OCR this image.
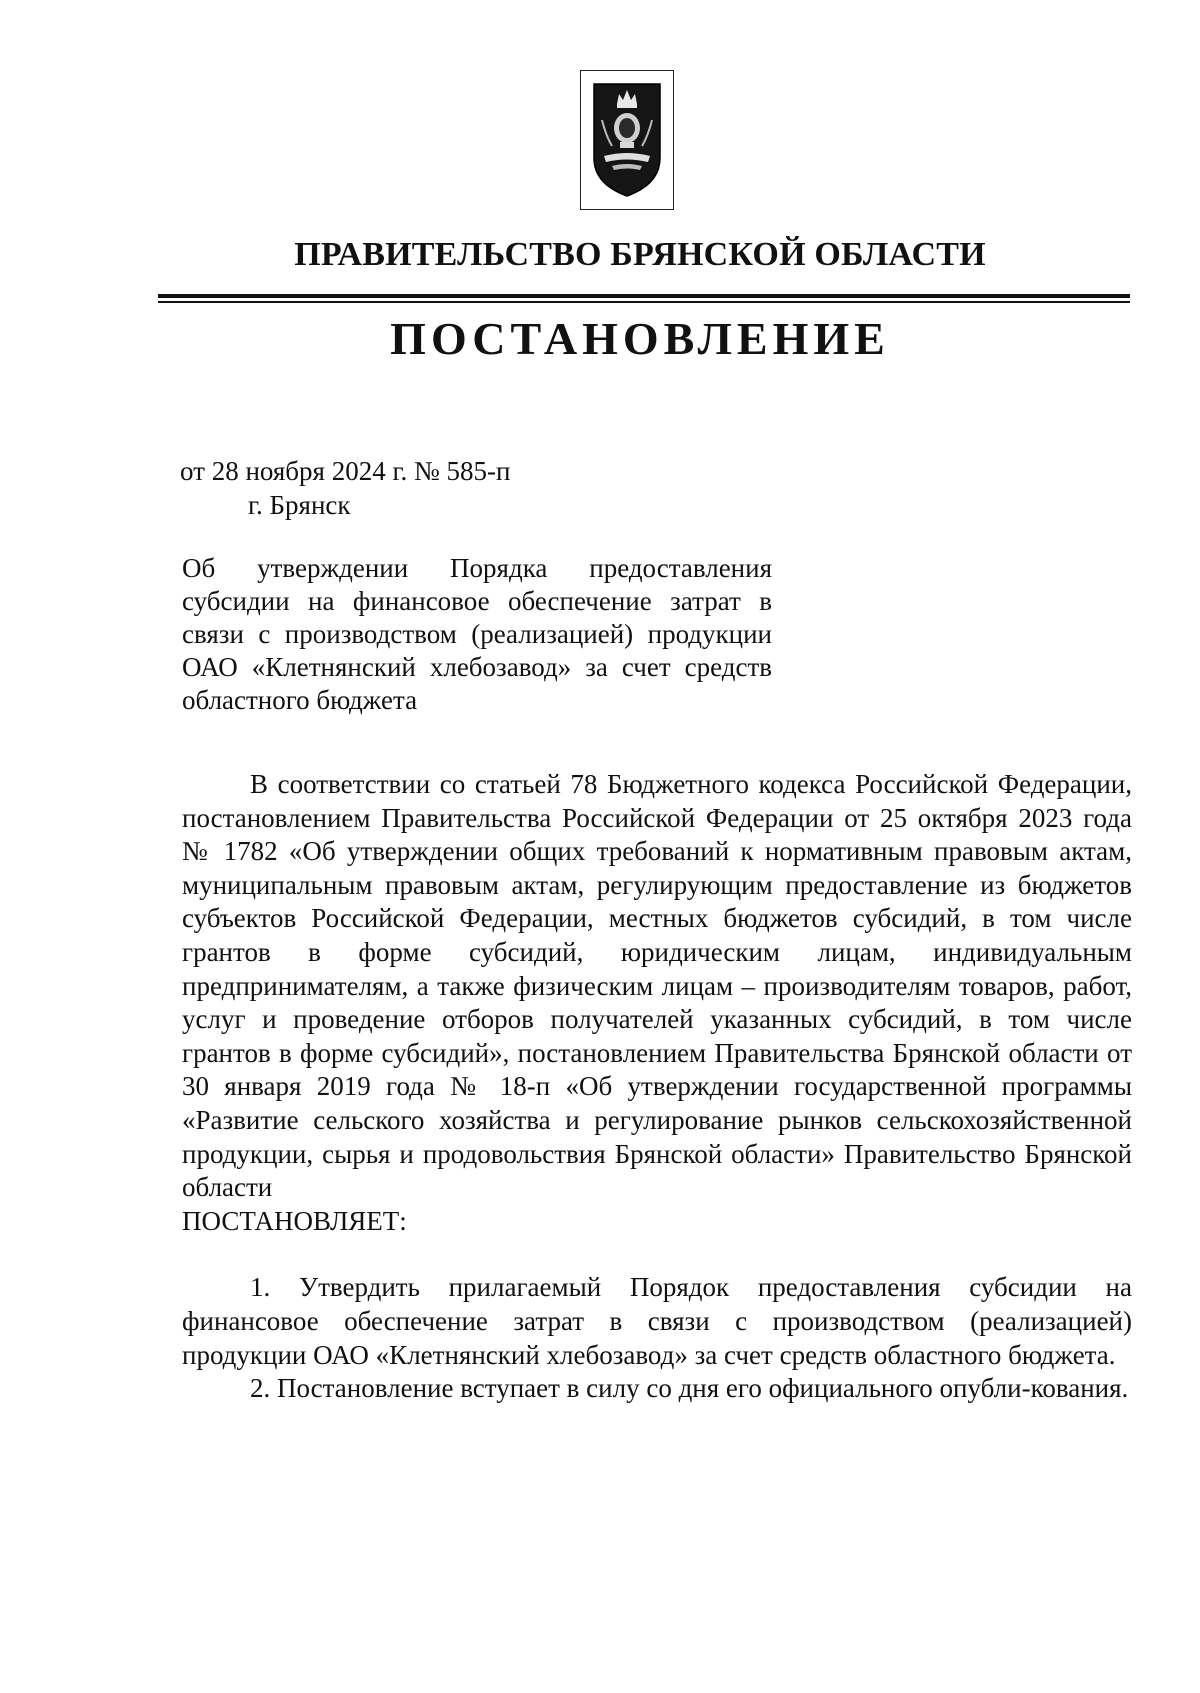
ПРАВИТЕЛЬСТВО БРЯНСКОЙ ОБЛАСТИ
ПОСТАНОВЛЕНИЕ
от 28 ноября 2024 г. № 585-п
г. Брянск

Об утверждении Порядка предоставления субсидии на финансовое обеспечение затрат в связи с производством (реализацией) продукции ОАО «Клетнянский хлебозавод» за счет средств областного бюджета

В соответствии со статьей 78 Бюджетного кодекса Российской Федерации, постановлением Правительства Российской Федерации от 25 октября 2023 года № 1782 «Об утверждении общих требований к нормативным правовым актам, муниципальным правовым актам, регулирующим предоставление из бюджетов субъектов Российской Федерации, местных бюджетов субсидий, в том числе грантов в форме субсидий, юридическим лицам, индивидуальным предпринимателям, а также физическим лицам – производителям товаров, работ, услуг и проведение отборов получателей указанных субсидий, в том числе грантов в форме субсидий», постановлением Правительства Брянской области от 30 января 2019 года № 18-п «Об утверждении государственной программы «Развитие сельского хозяйства и регулирование рынков сельскохозяйственной продукции, сырья и продовольствия Брянской области» Правительство Брянской области

ПОСТАНОВЛЯЕТ:

1. Утвердить прилагаемый Порядок предоставления субсидии на финансовое обеспечение затрат в связи с производством (реализацией) продукции ОАО «Клетнянский хлебозавод» за счет средств областного бюджета.

2. Постановление вступает в силу со дня его официального опубли-кования.
